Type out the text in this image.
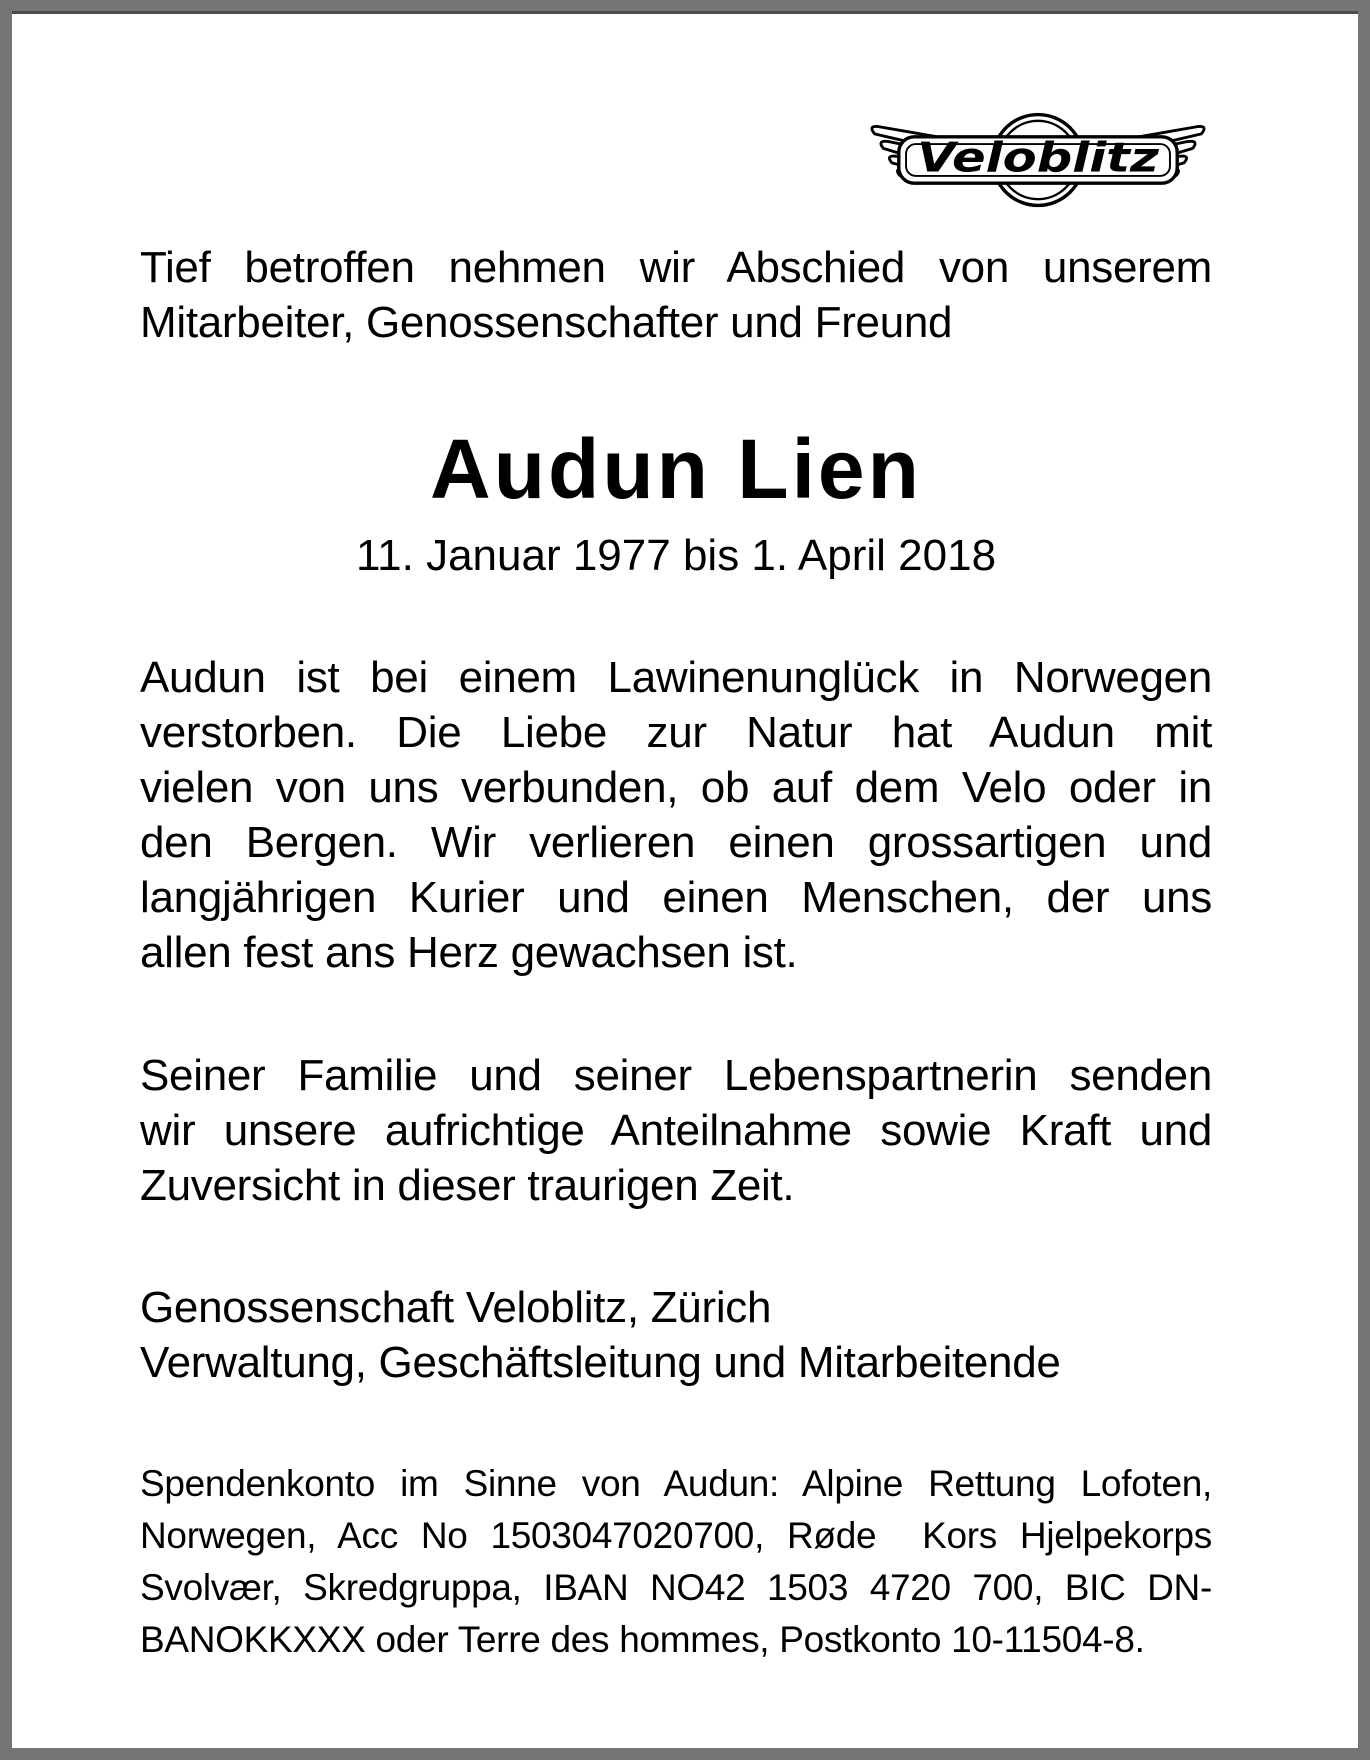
Veloblitz
Tief betroffen nehmen wir Abschied von unserem
Mitarbeiter, Genossenschafter und Freund
Audun Lien
11. Januar 1977 bis 1. April 2018
Audun ist bei einem Lawinenunglück in Norwegen
verstorben. Die Liebe zur Natur hat Audun mit
vielen von uns verbunden, ob auf dem Velo oder in
den Bergen. Wir verlieren einen grossartigen und
langjährigen Kurier und einen Menschen, der uns
allen fest ans Herz gewachsen ist.
Seiner Familie und seiner Lebenspartnerin senden
wir unsere aufrichtige Anteilnahme sowie Kraft und
Zuversicht in dieser traurigen Zeit.
Genossenschaft Veloblitz, Zürich
Verwaltung, Geschäftsleitung und Mitarbeitende
Spendenkonto im Sinne von Audun: Alpine Rettung Lofoten,
Norwegen, Acc No 1503047020700, Røde  Kors Hjelpekorps
Svolvær, Skredgruppa, IBAN NO42 1503 4720 700, BIC DN-
BANOKKXXX oder Terre des hommes, Postkonto 10-11504-8.
